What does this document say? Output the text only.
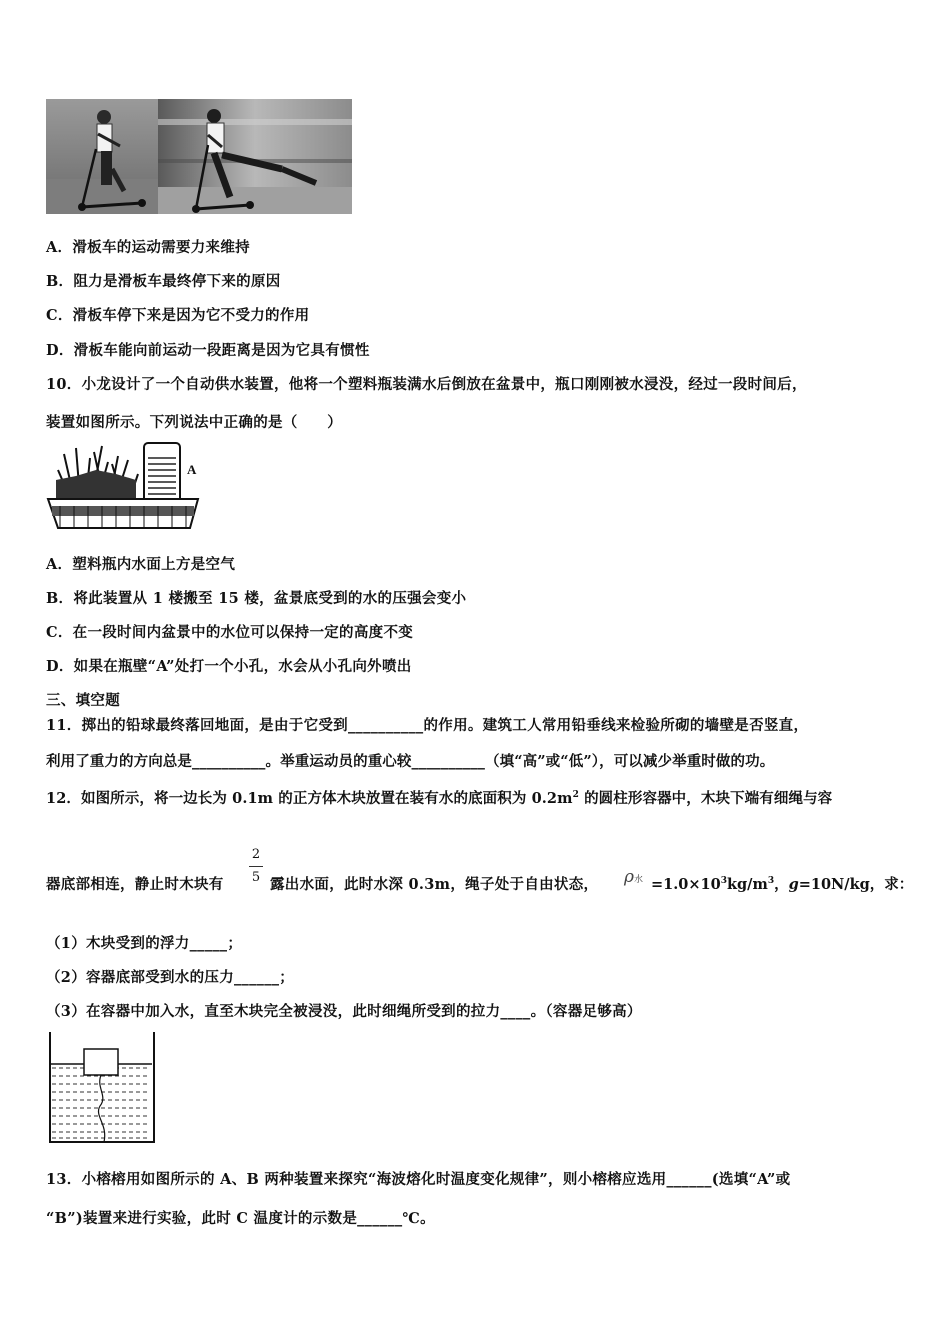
A．滑板车的运动需要力来维持
B．阻力是滑板车最终停下来的原因
C．滑板车停下来是因为它不受力的作用
D．滑板车能向前运动一段距离是因为它具有惯性
10．小龙设计了一个自动供水装置，他将一个塑料瓶装满水后倒放在盆景中，瓶口刚刚被水浸没，经过一段时间后，
装置如图所示。下列说法中正确的是（　　）
A
A．塑料瓶内水面上方是空气
B．将此装置从 1 楼搬至 15 楼，盆景底受到的水的压强会变小
C．在一段时间内盆景中的水位可以保持一定的高度不变
D．如果在瓶壁“A”处打一个小孔，水会从小孔向外喷出
三、填空题
11．掷出的铅球最终落回地面，是由于它受到__________的作用。建筑工人常用铅垂线来检验所砌的墙壁是否竖直，
利用了重力的方向总是__________。举重运动员的重心较__________（填“高”或“低”），可以减少举重时做的功。
12．如图所示，将一边长为 0.1m 的正方体木块放置在装有水的底面积为 $0.2m^2$ 的圆柱形容器中，木块下端有细绳与容
2
5
器底部相连，静止时木块有	露出水面，此时水深 0.3m，绳子处于自由状态， ρ水 $=1.0\times 10^3kg/m^3$，g=10N/kg，求：
（1）木块受到的浮力_____；
（2）容器底部受到水的压力______；
（3）在容器中加入水，直至木块完全被浸没，此时细绳所受到的拉力____。（容器足够高）
13．小榕榕用如图所示的 A、B 两种装置来探究“海波熔化时温度变化规律”，则小榕榕应选用______(选填“A”或
“B”)装置来进行实验，此时 C 温度计的示数是______℃。
